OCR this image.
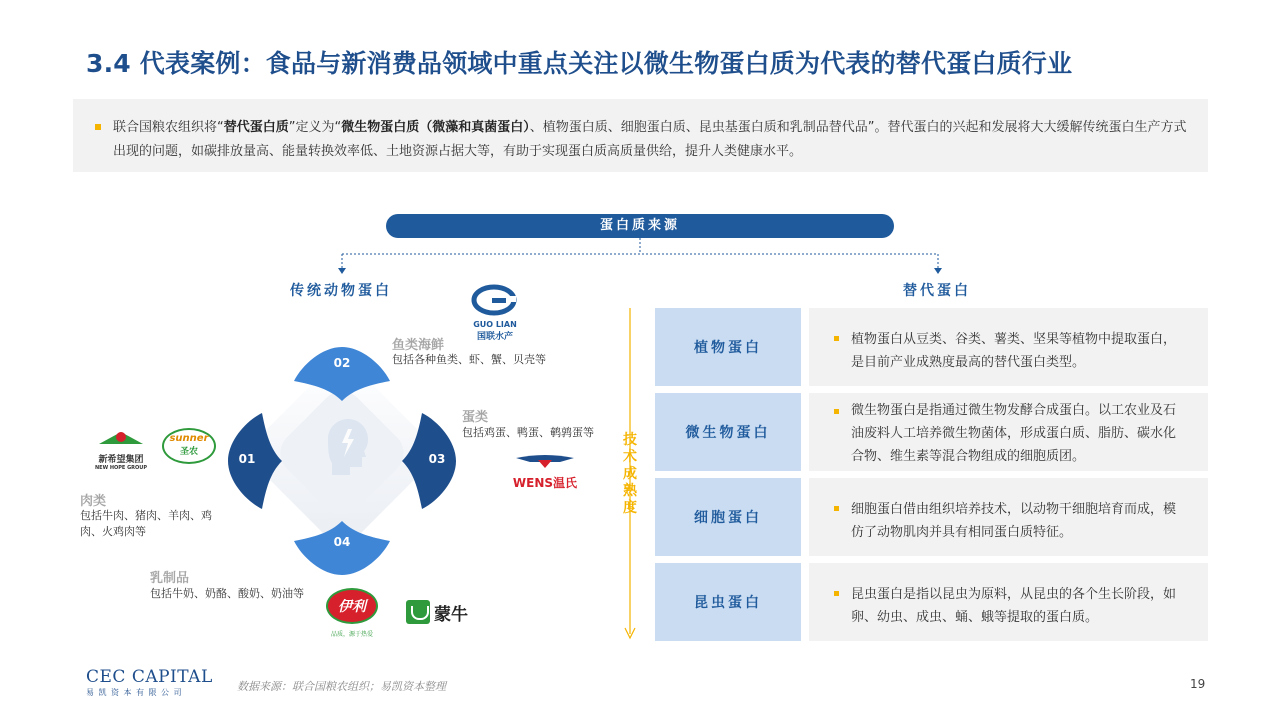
3.4 代表案例：食品与新消费品领域中重点关注以微生物蛋白质为代表的替代蛋白质行业
联合国粮农组织将“替代蛋白质”定义为“微生物蛋白质（微藻和真菌蛋白）、植物蛋白质、细胞蛋白质、昆虫基蛋白质和乳制品替代品”。替代蛋白的兴起和发展将大大缓解传统蛋白生产方式出现的问题，如碳排放量高、能量转换效率低、土地资源占据大等，有助于实现蛋白质高质量供给，提升人类健康水平。
蛋白质来源
传统动物蛋白	替代蛋白
02
04
01	03
鱼类海鲜
包括各种鱼类、虾、蟹、贝壳等
蛋类
包括鸡蛋、鸭蛋、鹌鹑蛋等
肉类
包括牛肉、猪肉、羊肉、鸡肉、火鸡肉等
乳制品
包括牛奶、奶酪、酸奶、奶油等
GUO LIAN
国联水产
新希望集团
NEW HOPE GROUP
sunner
圣农
WENS温氏
伊利
品质，源于热爱
蒙牛
技术成熟度
植物蛋白
植物蛋白从豆类、谷类、薯类、坚果等植物中提取蛋白，是目前产业成熟度最高的替代蛋白类型。
微生物蛋白
微生物蛋白是指通过微生物发酵合成蛋白。以工农业及石油废料人工培养微生物菌体，形成蛋白质、脂肪、碳水化合物、维生素等混合物组成的细胞质团。
细胞蛋白
细胞蛋白借由组织培养技术，以动物干细胞培育而成，模仿了动物肌肉并具有相同蛋白质特征。
昆虫蛋白
昆虫蛋白是指以昆虫为原料，从昆虫的各个生长阶段，如卵、幼虫、成虫、蛹、蛾等提取的蛋白质。
CEC CAPITAL
易凯资本有限公司	数据来源：联合国粮农组织；易凯资本整理	19
